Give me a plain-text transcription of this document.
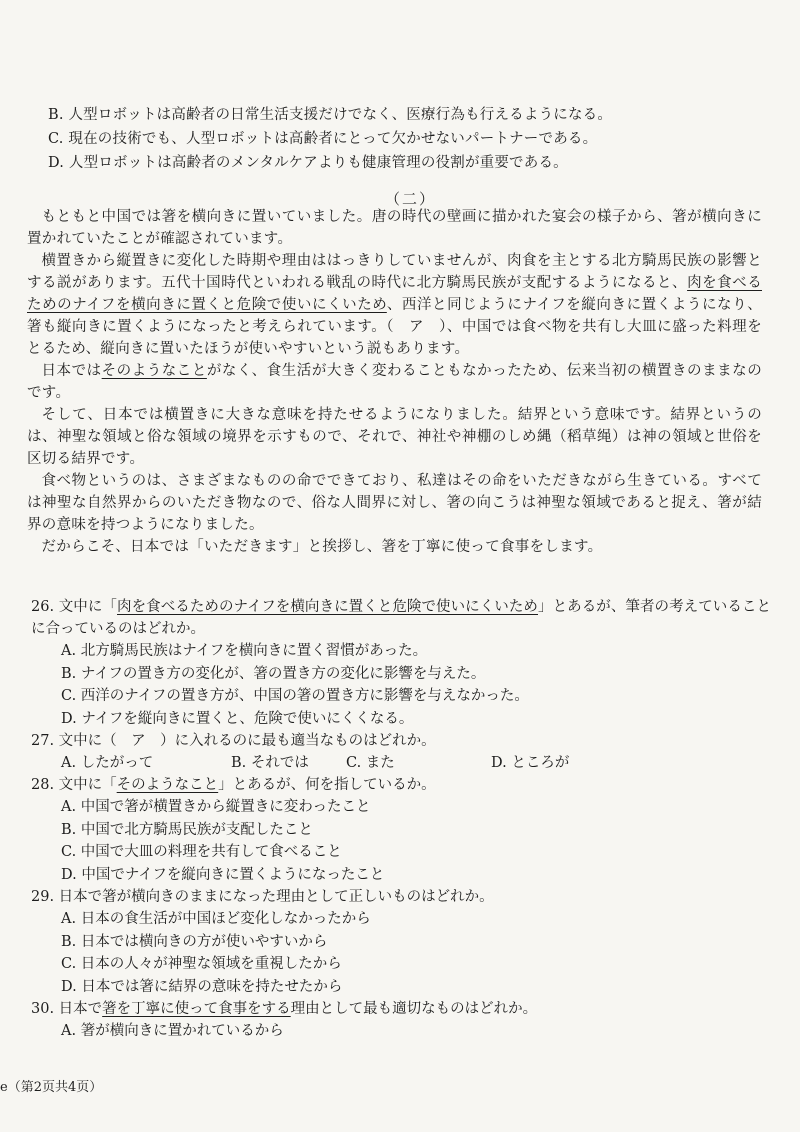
B. 人型ロボットは高齢者の日常生活支援だけでなく、医療行為も行えるようになる。
C. 現在の技術でも、人型ロボットは高齢者にとって欠かせないパートナーである。
D. 人型ロボットは高齢者のメンタルケアよりも健康管理の役割が重要である。
（二）

もともと中国では箸を横向きに置いていました。唐の時代の壁画に描かれた宴会の様子から、箸が横向きに置かれていたことが確認されています。

横置きから縦置きに変化した時期や理由ははっきりしていませんが、肉食を主とする北方騎馬民族の影響とする説があります。五代十国時代といわれる戦乱の時代に北方騎馬民族が支配するようになると、肉を食べるためのナイフを横向きに置くと危険で使いにくいため、西洋と同じようにナイフを縦向きに置くようになり、箸も縦向きに置くようになったと考えられています。（　ア　）、中国では食べ物を共有し大皿に盛った料理をとるため、縦向きに置いたほうが使いやすいという説もあります。

日本ではそのようなことがなく、食生活が大きく変わることもなかったため、伝来当初の横置きのままなのです。

そして、日本では横置きに大きな意味を持たせるようになりました。結界という意味です。結界というのは、神聖な領域と俗な領域の境界を示すもので、それで、神社や神棚のしめ縄（稻草绳）は神の領域と世俗を区切る結界です。

食べ物というのは、さまざまなものの命でできており、私達はその命をいただきながら生きている。すべては神聖な自然界からのいただき物なので、俗な人間界に対し、箸の向こうは神聖な領域であると捉え、箸が結界の意味を持つようになりました。

だからこそ、日本では「いただきます」と挨拶し、箸を丁寧に使って食事をします。

26. 文中に「肉を食べるためのナイフを横向きに置くと危険で使いにくいため」とあるが、筆者の考えていることに合っているのはどれか。
A. 北方騎馬民族はナイフを横向きに置く習慣があった。
B. ナイフの置き方の変化が、箸の置き方の変化に影響を与えた。
C. 西洋のナイフの置き方が、中国の箸の置き方に影響を与えなかった。
D. ナイフを縦向きに置くと、危険で使いにくくなる。
27. 文中に（　ア　）に入れるのに最も適当なものはどれか。
A. したがって	B. それでは	C. また	D. ところが
28. 文中に「そのようなこと」とあるが、何を指しているか。
A. 中国で箸が横置きから縦置きに変わったこと
B. 中国で北方騎馬民族が支配したこと
C. 中国で大皿の料理を共有して食べること
D. 中国でナイフを縦向きに置くようになったこと
29. 日本で箸が横向きのままになった理由として正しいものはどれか。
A. 日本の食生活が中国ほど変化しなかったから
B. 日本では横向きの方が使いやすいから
C. 日本の人々が神聖な領域を重視したから
D. 日本では箸に結界の意味を持たせたから
30. 日本で箸を丁寧に使って食事をする理由として最も適切なものはどれか。
A. 箸が横向きに置かれているから
e（第2页共4页）
